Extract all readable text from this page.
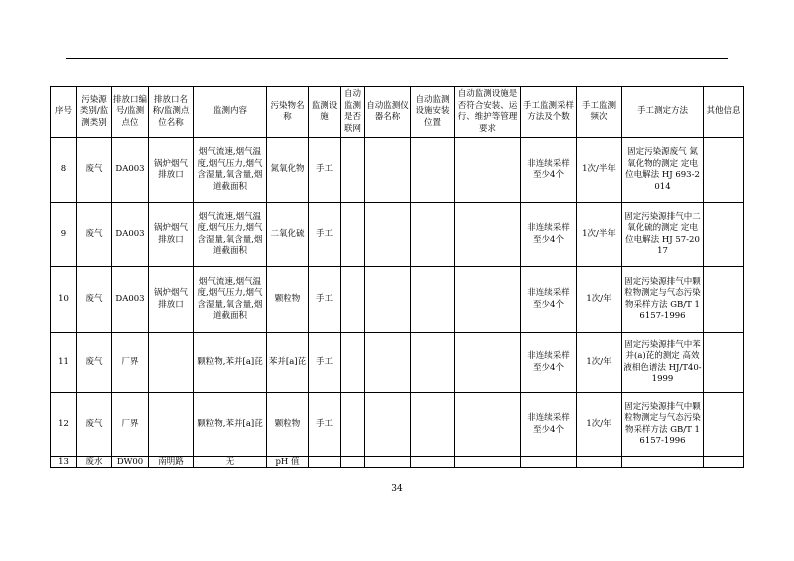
序号	污染源类别/监测类别	排放口编号/监测点位	排放口名称/监测点位名称	监测内容	污染物名称	监测设施	自动监测是否联网	自动监测仪器名称	自动监测设施安装位置	自动监测设施是否符合安装、运行、维护等管理要求	手工监测采样方法及个数	手工监测频次	手工测定方法	其他信息
8	废气	DA003	锅炉烟气排放口	烟气流速,烟气温度,烟气压力,烟气含湿量,氧含量,烟道截面积	氮氧化物	手工					非连续采样 至少4个	1次/半年	固定污染源废气 氮氧化物的测定 定电位电解法 HJ 693-2014	
9	废气	DA003	锅炉烟气排放口	烟气流速,烟气温度,烟气压力,烟气含湿量,氧含量,烟道截面积	二氧化硫	手工					非连续采样 至少4个	1次/半年	固定污染源排气中二氧化硫的测定 定电位电解法 HJ 57-2017	
10	废气	DA003	锅炉烟气排放口	烟气流速,烟气温度,烟气压力,烟气含湿量,氧含量,烟道截面积	颗粒物	手工					非连续采样 至少4个	1次/年	固定污染源排气中颗粒物测定与气态污染物采样方法 GB/T 16157-1996	
11	废气	厂界		颗粒物,苯并[a]芘	苯并[a]芘	手工					非连续采样 至少4个	1次/年	固定污染源排气中苯并(a)芘的测定 高效液相色谱法 HJ/T40-1999	
12	废气	厂界		颗粒物,苯并[a]芘	颗粒物	手工					非连续采样 至少4个	1次/年	固定污染源排气中颗粒物测定与气态污染物采样方法 GB/T 16157-1996	
13	废水	DW00	南明路	无	pH 值									
34
